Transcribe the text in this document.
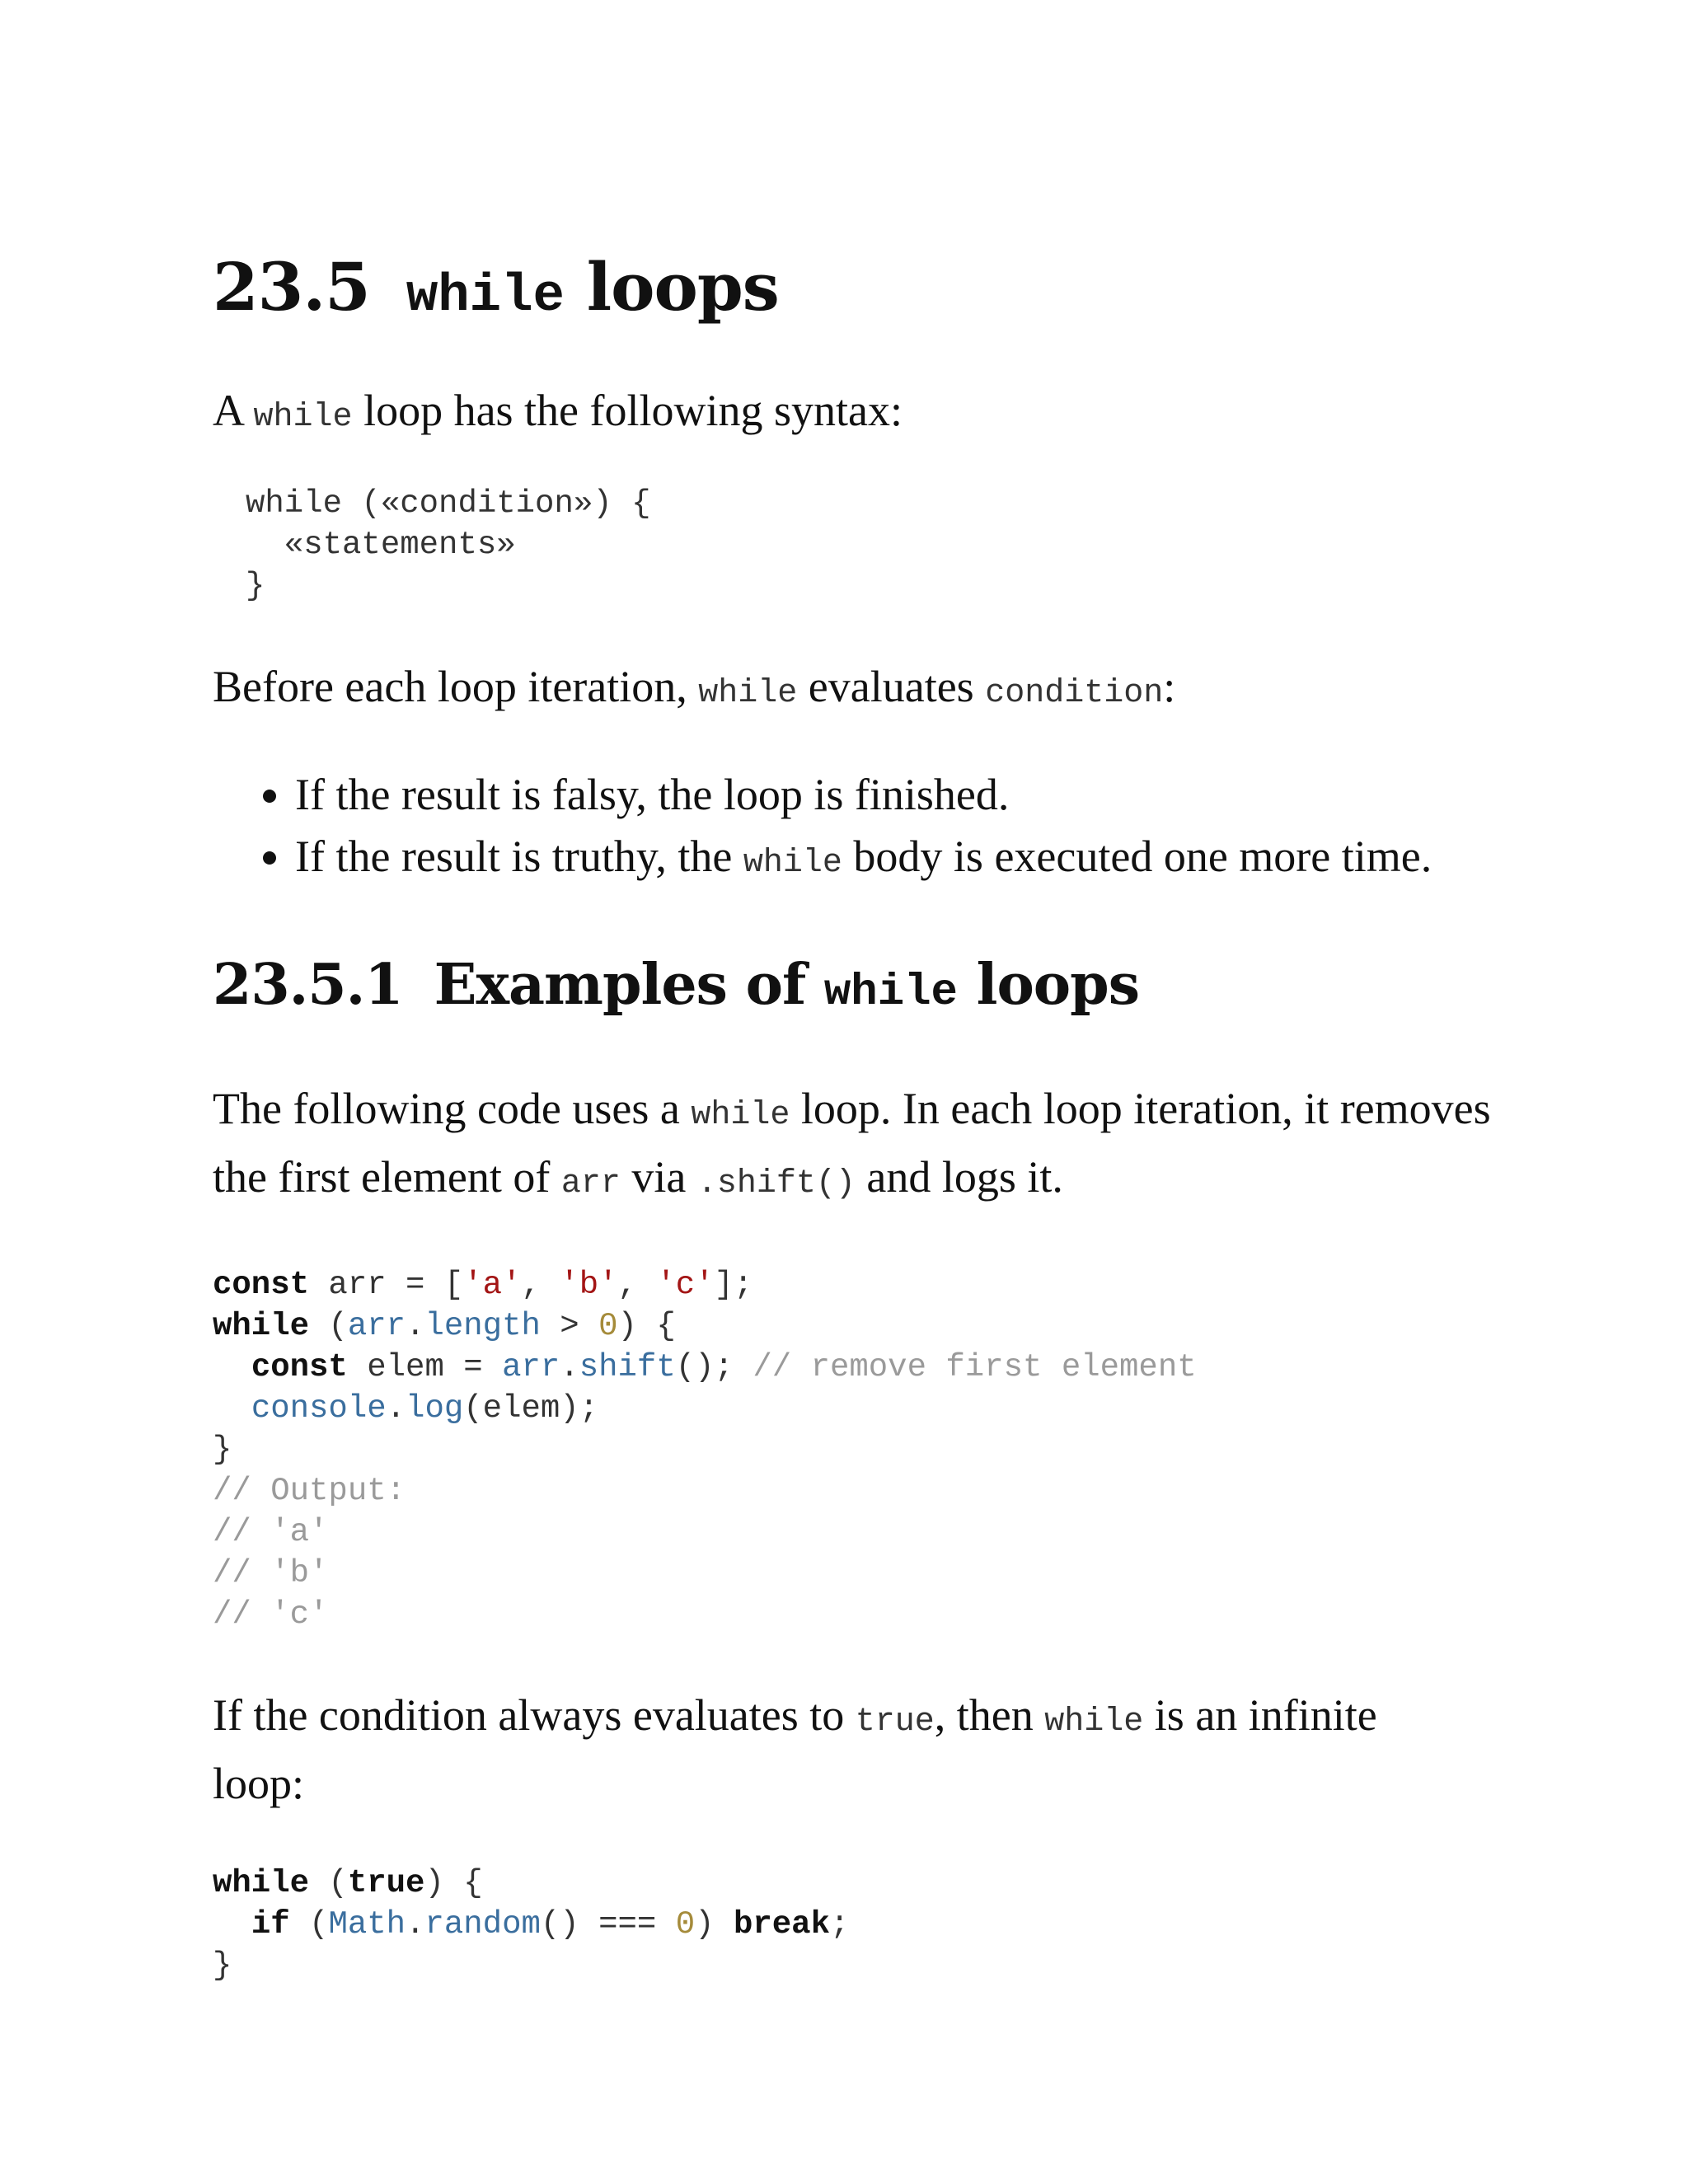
23.5 while loops

A while loop has the following syntax:

while («condition») {
«statements»
}

Before each loop iteration, while evaluates condition:

• If the result is falsy, the loop is finished.
• If the result is truthy, the while body is executed one more time.
23.5.1 Examples of while loops

The following code uses a while loop. In each loop iteration, it removes the first element of arr via .shift() and logs it.

const arr = ['a', 'b', 'c'];
while (arr.length > 0) {
const elem = arr.shift(); // remove first element
console.log(elem);
}
// Output:
// 'a'
// 'b'
// 'c'

If the condition always evaluates to true, then while is an infinite loop:

while (true) {
if (Math.random() === 0) break;
}
